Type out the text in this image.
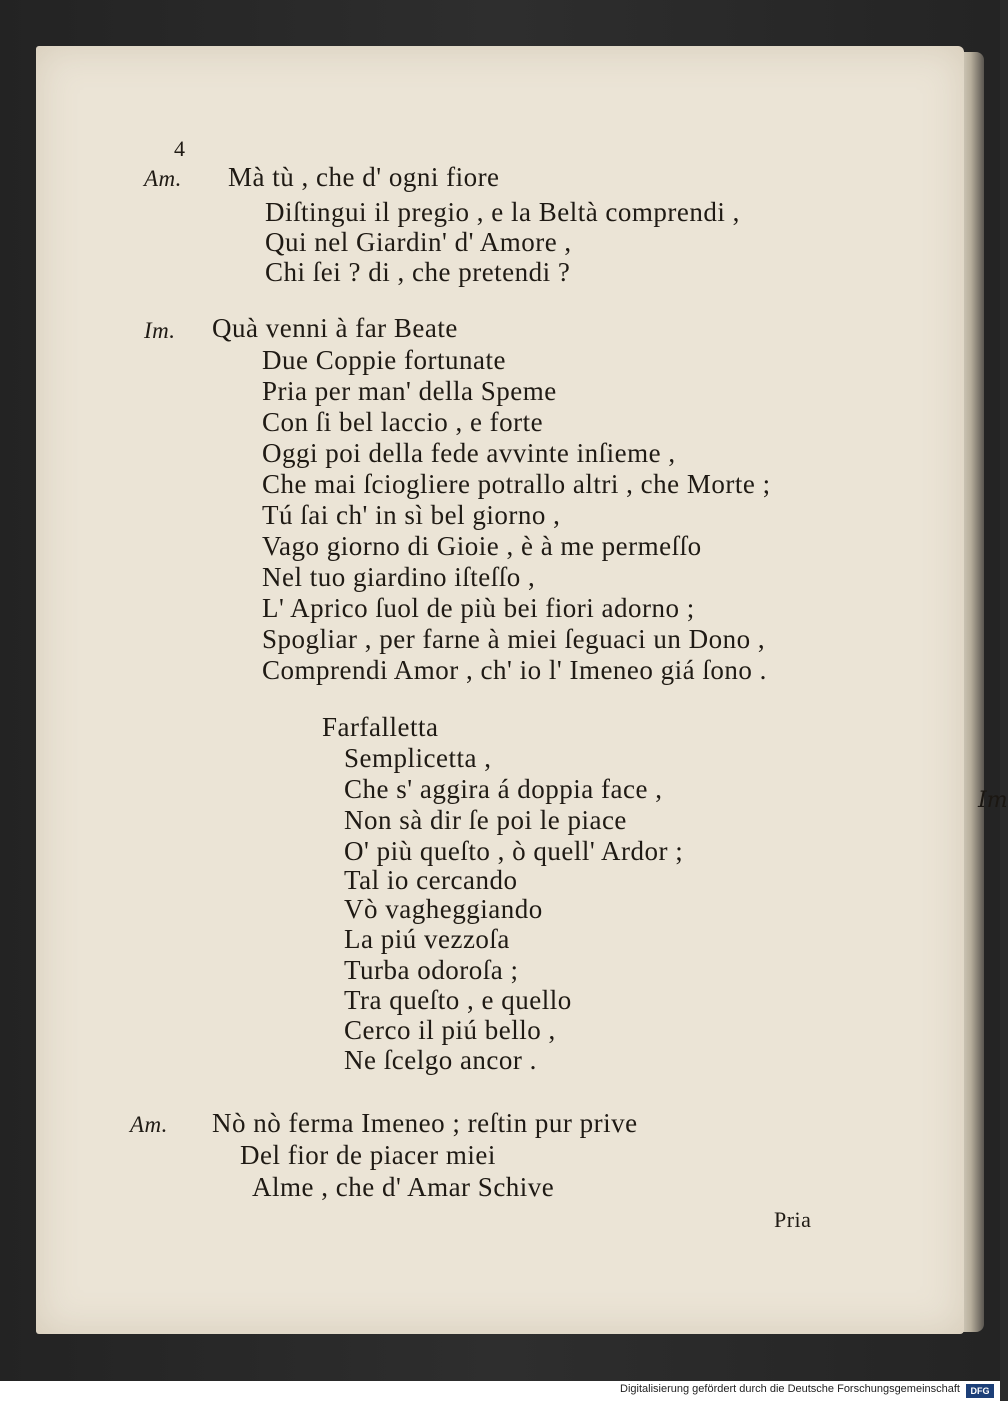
Im
4
Am. Mà tù , che d' ogni fiore
Diſtingui il pregio , e la Beltà comprendi ,
Qui nel Giardin' d' Amore ,
Chi ſei ? di , che pretendi ?
Im. Quà venni à far Beate
Due Coppie fortunate
Pria per man' della Speme
Con ſi bel laccio , e forte
Oggi poi della fede avvinte inſieme ,
Che mai ſciogliere potrallo altri , che Morte ;
Tú ſai ch' in sì bel giorno ,
Vago giorno di Gioie , è à me permeſſo
Nel tuo giardino iſteſſo ,
L' Aprico ſuol de più bei fiori adorno ;
Spogliar , per farne à miei ſeguaci un Dono ,
Comprendi Amor , ch' io l' Imeneo giá ſono .
Farfalletta
Semplicetta ,
Che s' aggira á doppia face ,
Non sà dir ſe poi le piace
O' più queſto , ò quell' Ardor ;
Tal io cercando
Vò vagheggiando
La piú vezzoſa
Turba odoroſa ;
Tra queſto , e quello
Cerco il piú bello ,
Ne ſcelgo ancor .
Am. Nò nò ferma Imeneo ; reſtin pur prive
Del fior de piacer miei
Alme , che d' Amar Schive
Pria
Digitalisierung gefördert durch die Deutsche Forschungsgemeinschaft	DFG
